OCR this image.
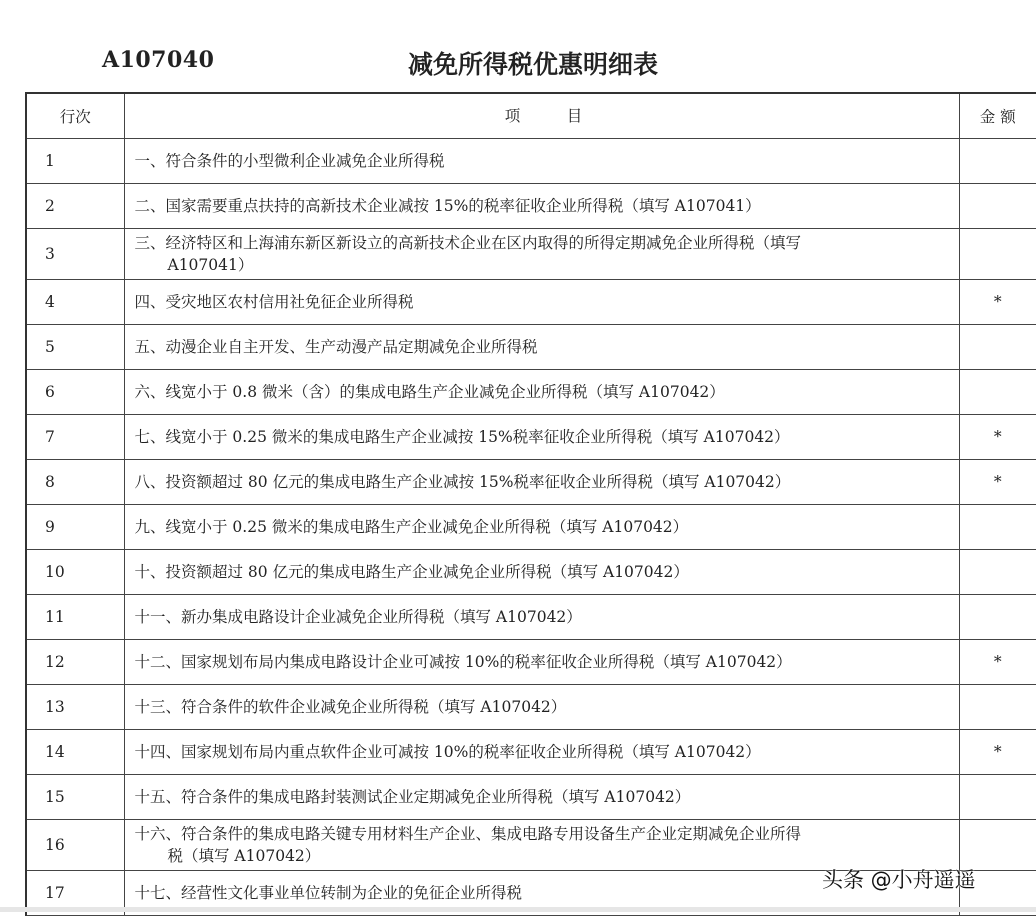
A107040	减免所得税优惠明细表
行次	项　　　目	金 额
1	一、符合条件的小型微利企业减免企业所得税	
2	二、国家需要重点扶持的高新技术企业减按 15%的税率征收企业所得税（填写 A107041）	
3	三、经济特区和上海浦东新区新设立的高新技术企业在区内取得的所得定期减免企业所得税（填写
A107041）	

4	四、受灾地区农村信用社免征企业所得税	*
5	五、动漫企业自主开发、生产动漫产品定期减免企业所得税	
6	六、线宽小于 0.8 微米（含）的集成电路生产企业减免企业所得税（填写 A107042）	
7	七、线宽小于 0.25 微米的集成电路生产企业减按 15%税率征收企业所得税（填写 A107042）	*
8	八、投资额超过 80 亿元的集成电路生产企业减按 15%税率征收企业所得税（填写 A107042）	*
9	九、线宽小于 0.25 微米的集成电路生产企业减免企业所得税（填写 A107042）	
10	十、投资额超过 80 亿元的集成电路生产企业减免企业所得税（填写 A107042）	
11	十一、新办集成电路设计企业减免企业所得税（填写 A107042）	
12	十二、国家规划布局内集成电路设计企业可减按 10%的税率征收企业所得税（填写 A107042）	*
13	十三、符合条件的软件企业减免企业所得税（填写 A107042）	
14	十四、国家规划布局内重点软件企业可减按 10%的税率征收企业所得税（填写 A107042）	*
15	十五、符合条件的集成电路封装测试企业定期减免企业所得税（填写 A107042）	
16	十六、符合条件的集成电路关键专用材料生产企业、集成电路专用设备生产企业定期减免企业所得
税（填写 A107042）	

17	十七、经营性文化事业单位转制为企业的免征企业所得税	
头条 @小舟遥遥
